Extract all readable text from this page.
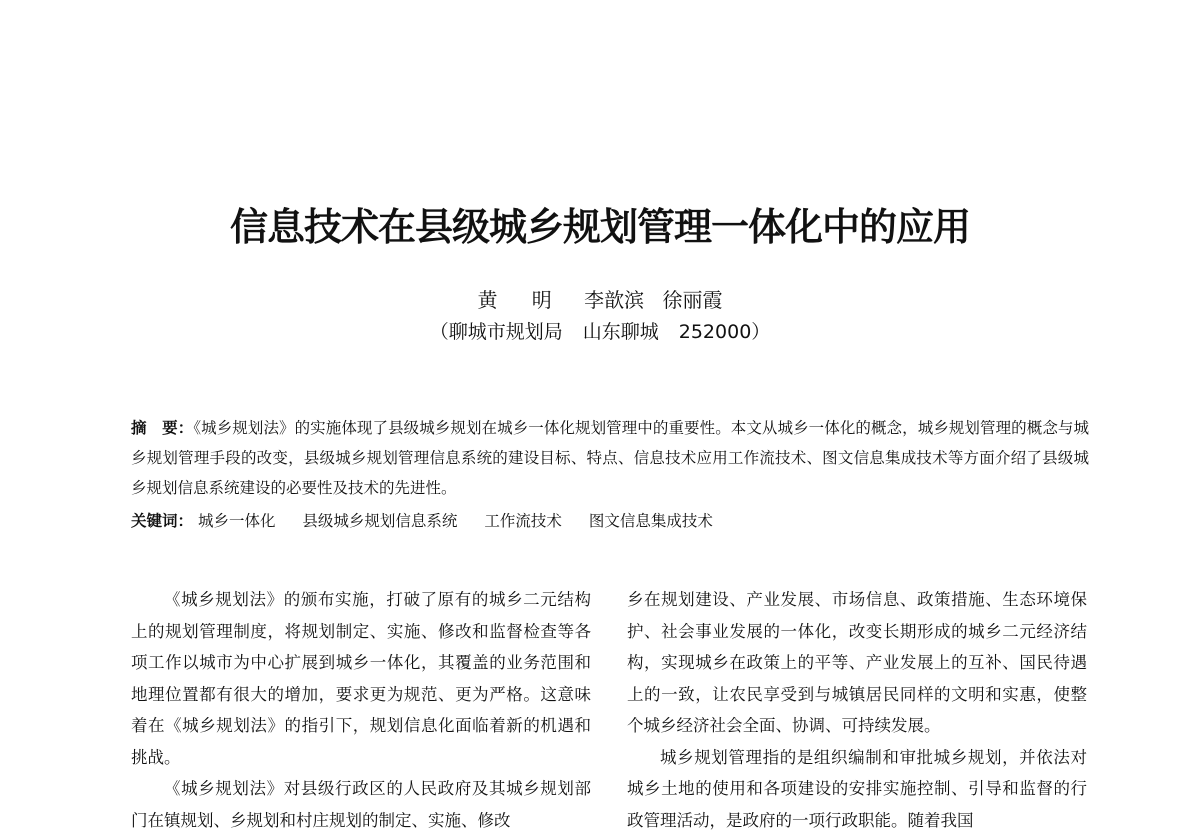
信息技术在县级城乡规划管理一体化中的应用
黄 明 李歆滨 徐丽霞
（聊城市规划局 山东聊城 252000）
摘　要：《城乡规划法》的实施体现了县级城乡规划在城乡一体化规划管理中的重要性。本文从城乡一体化的概念，城乡规划管理的概念与城乡规划管理手段的改变，县级城乡规划管理信息系统的建设目标、特点、信息技术应用工作流技术、图文信息集成技术等方面介绍了县级城乡规划信息系统建设的必要性及技术的先进性。
关键词： 城乡一体化 县级城乡规划信息系统 工作流技术 图文信息集成技术

《城乡规划法》的颁布实施，打破了原有的城乡二元结构上的规划管理制度，将规划制定、实施、修改和监督检查等各项工作以城市为中心扩展到城乡一体化，其覆盖的业务范围和地理位置都有很大的增加，要求更为规范、更为严格。这意味着在《城乡规划法》的指引下，规划信息化面临着新的机遇和挑战。

《城乡规划法》对县级行政区的人民政府及其城乡规划部门在镇规划、乡规划和村庄规划的制定、实施、修改

乡在规划建设、产业发展、市场信息、政策措施、生态环境保护、社会事业发展的一体化，改变长期形成的城乡二元经济结构，实现城乡在政策上的平等、产业发展上的互补、国民待遇上的一致，让农民享受到与城镇居民同样的文明和实惠，使整个城乡经济社会全面、协调、可持续发展。

城乡规划管理指的是组织编制和审批城乡规划，并依法对城乡土地的使用和各项建设的安排实施控制、引导和监督的行政管理活动，是政府的一项行政职能。随着我国
